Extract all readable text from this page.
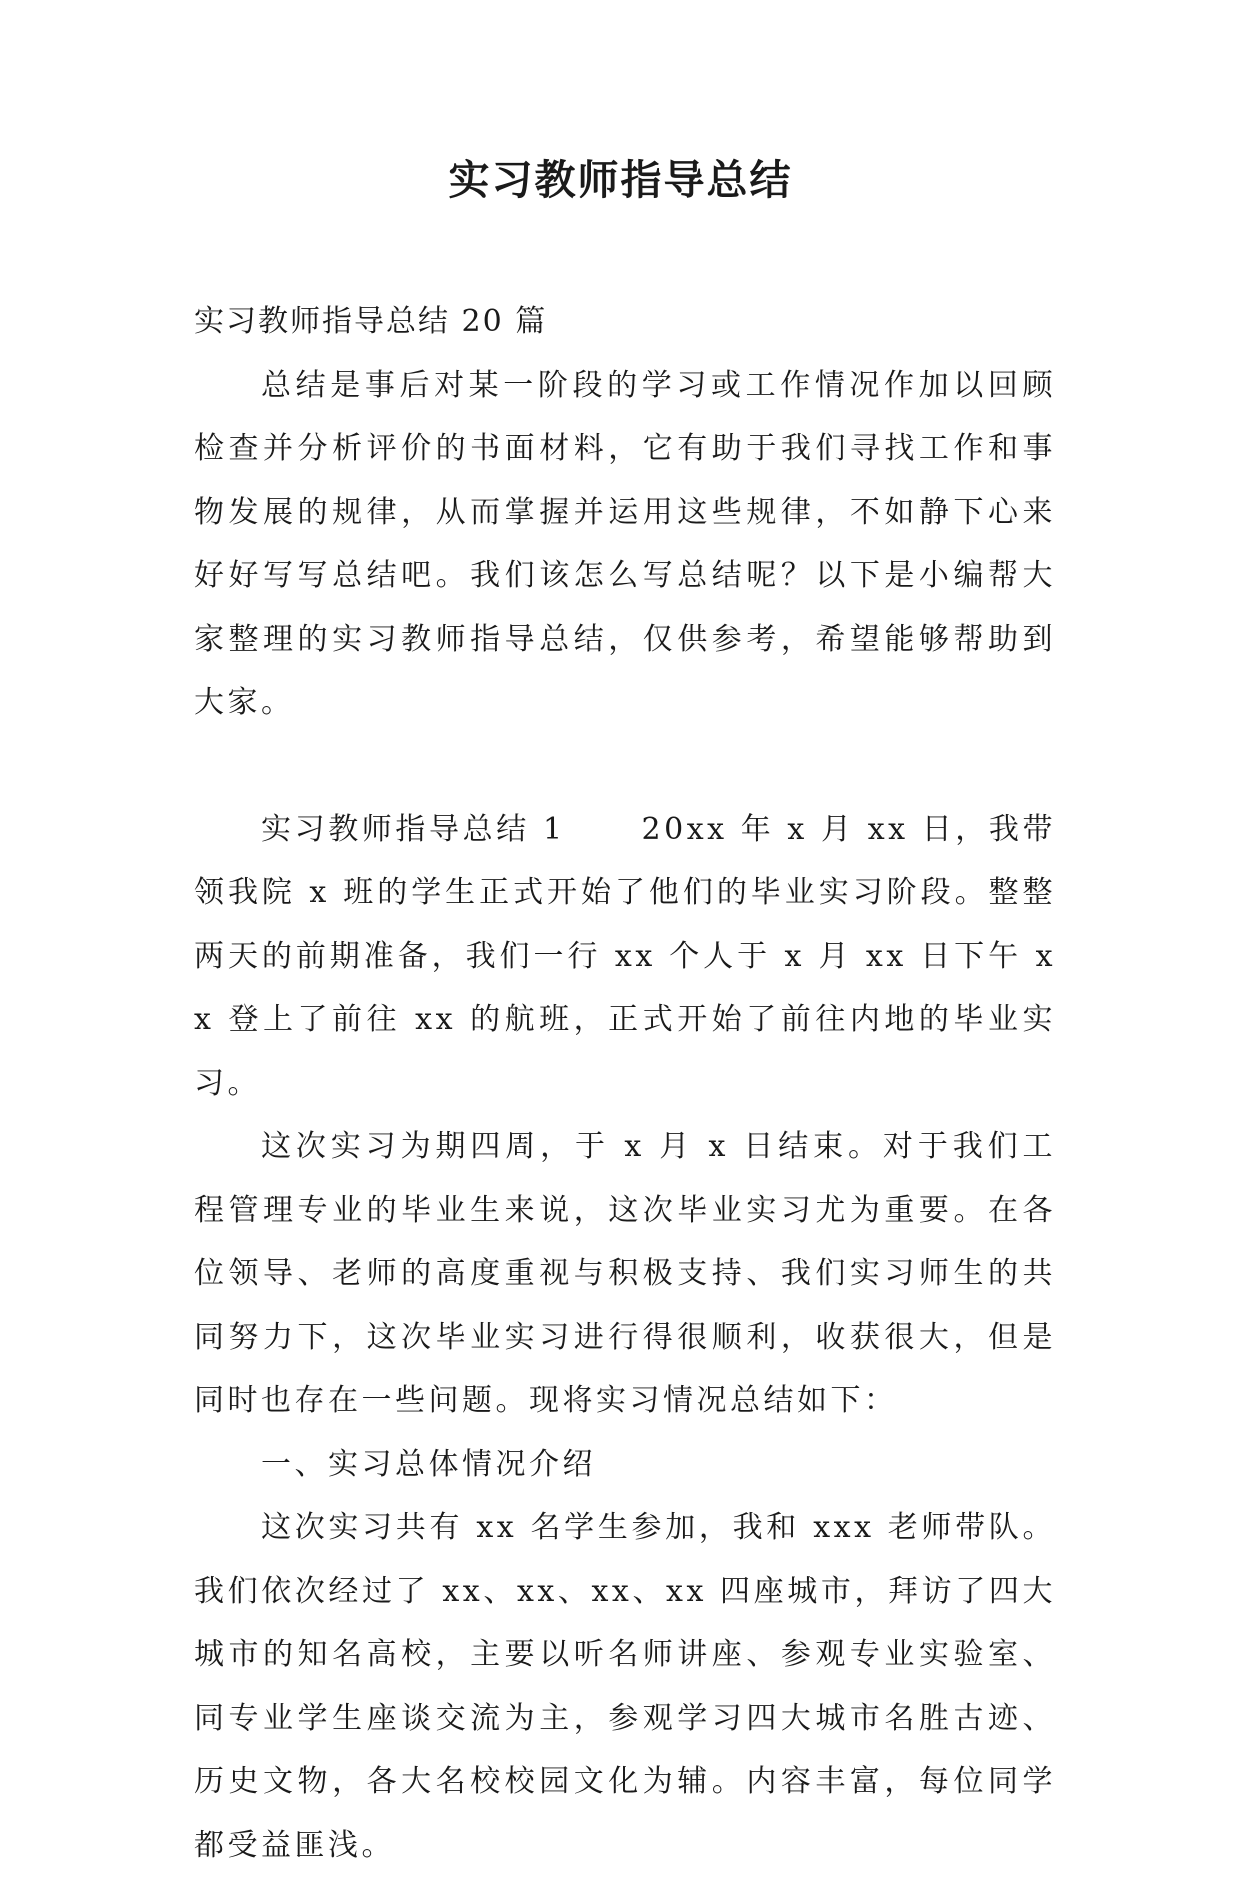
实习教师指导总结

实习教师指导总结 20 篇

总结是事后对某一阶段的学习或工作情况作加以回顾检查并分析评价的书面材料，它有助于我们寻找工作和事物发展的规律，从而掌握并运用这些规律，不如静下心来好好写写总结吧。我们该怎么写总结呢？以下是小编帮大家整理的实习教师指导总结，仅供参考，希望能够帮助到大家。

实习教师指导总结 1	20xx 年 x 月 xx 日，我带领我院 x 班的学生正式开始了他们的毕业实习阶段。整整两天的前期准备，我们一行 xx 个人于 x 月 xx 日下午 xx 登上了前往 xx 的航班，正式开始了前往内地的毕业实习。

这次实习为期四周，于 x 月 x 日结束。对于我们工程管理专业的毕业生来说，这次毕业实习尤为重要。在各位领导、老师的高度重视与积极支持、我们实习师生的共同努力下，这次毕业实习进行得很顺利，收获很大，但是同时也存在一些问题。现将实习情况总结如下：

一、实习总体情况介绍

这次实习共有 xx 名学生参加，我和 xxx 老师带队。我们依次经过了 xx、xx、xx、xx 四座城市，拜访了四大城市的知名高校，主要以听名师讲座、参观专业实验室、同专业学生座谈交流为主，参观学习四大城市名胜古迹、历史文物，各大名校校园文化为辅。内容丰富，每位同学都受益匪浅。
